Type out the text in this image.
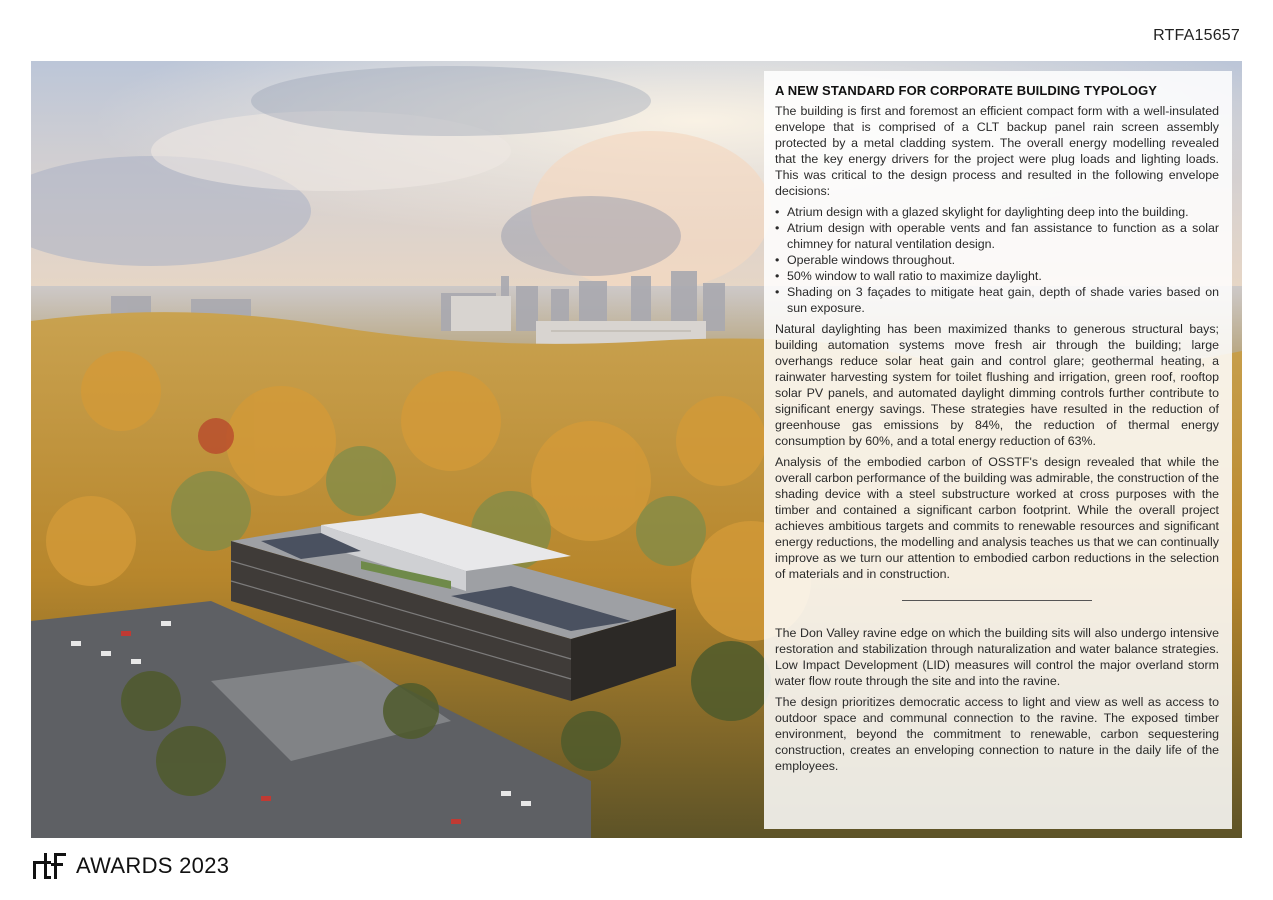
RTFA15657
A NEW STANDARD FOR CORPORATE BUILDING TYPOLOGY

The building is first and foremost an efficient compact form with a well-insulated envelope that is comprised of a CLT backup panel rain screen assembly protected by a metal cladding system. The overall energy modelling revealed that the key energy drivers for the project were plug loads and lighting loads. This was critical to the design process and resulted in the following envelope decisions:

• Atrium design with a glazed skylight for daylighting deep into the building.
• Atrium design with operable vents and fan assistance to function as a solar chimney for natural ventilation design.
• Operable windows throughout.
• 50% window to wall ratio to maximize daylight.
• Shading on 3 façades to mitigate heat gain, depth of shade varies based on sun exposure.

Natural daylighting has been maximized thanks to generous structural bays; building automation systems move fresh air through the building; large overhangs reduce solar heat gain and control glare; geothermal heating, a rainwater harvesting system for toilet flushing and irrigation, green roof, rooftop solar PV panels, and automated daylight dimming controls further contribute to significant energy savings. These strategies have resulted in the reduction of greenhouse gas emissions by 84%, the reduction of thermal energy consumption by 60%, and a total energy reduction of 63%.

Analysis of the embodied carbon of OSSTF's design revealed that while the overall carbon performance of the building was admirable, the construction of the shading device with a steel substructure worked at cross purposes with the timber and contained a significant carbon footprint. While the overall project achieves ambitious targets and commits to renewable resources and significant energy reductions, the modelling and analysis teaches us that we can continually improve as we turn our attention to embodied carbon reductions in the selection of materials and in construction.

The Don Valley ravine edge on which the building sits will also undergo intensive restoration and stabilization through naturalization and water balance strategies. Low Impact Development (LID) measures will control the major overland storm water flow route through the site and into the ravine.

The design prioritizes democratic access to light and view as well as access to outdoor space and communal connection to the ravine. The exposed timber environment, beyond the commitment to renewable, carbon sequestering construction, creates an enveloping connection to nature in the daily life of the employees.

AWARDS 2023
